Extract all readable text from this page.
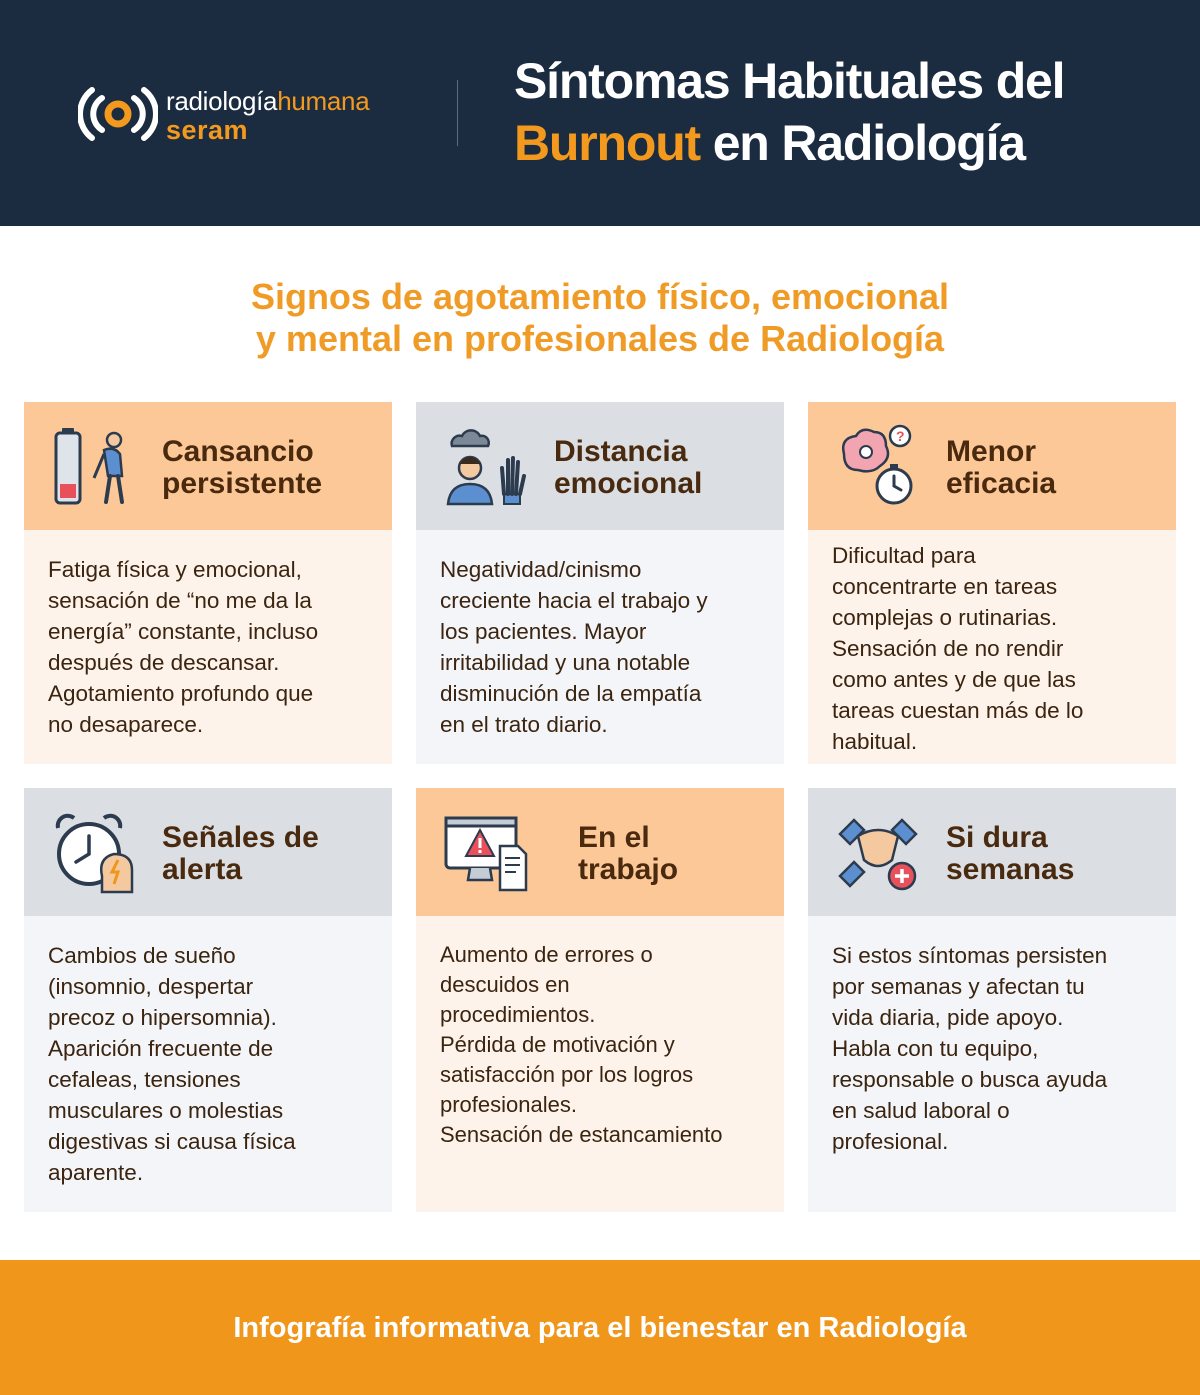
radiologíahumana
seram
Síntomas Habituales del
Burnout en Radiología
Signos de agotamiento físico, emocional
y mental en profesionales de Radiología
Cansancio
persistente
Fatiga física y emocional,
sensación de “no me da la
energía” constante, incluso
después de descansar.
Agotamiento profundo que
no desaparece.
Distancia
emocional
Negatividad/cinismo
creciente hacia el trabajo y
los pacientes. Mayor
irritabilidad y una notable
disminución de la empatía
en el trato diario.
? Menor
eficacia
Dificultad para
concentrarte en tareas
complejas o rutinarias.
Sensación de no rendir
como antes y de que las
tareas cuestan más de lo
habitual.
Señales de
alerta
Cambios de sueño
(insomnio, despertar
precoz o hipersomnia).
Aparición frecuente de
cefaleas, tensiones
musculares o molestias
digestivas si causa física
aparente.
En el
trabajo
Aumento de errores o
descuidos en
procedimientos.
Pérdida de motivación y
satisfacción por los logros
profesionales.
Sensación de estancamiento
Si dura
semanas
Si estos síntomas persisten
por semanas y afectan tu
vida diaria, pide apoyo.
Habla con tu equipo,
responsable o busca ayuda
en salud laboral o
profesional.
Infografía informativa para el bienestar en Radiología
